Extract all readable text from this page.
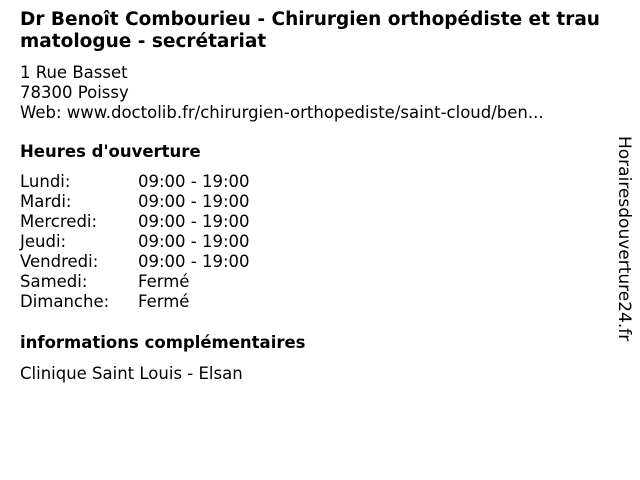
Dr Benoît Combourieu - Chirurgien orthopédiste et traumatologue - secrétariat
1 Rue Basset
78300 Poissy
Web: www.doctolib.fr/chirurgien-orthopediste/saint-cloud/ben...
Heures d'ouverture
Lundi:	09:00 - 19:00
Mardi:	09:00 - 19:00
Mercredi:	09:00 - 19:00
Jeudi:	09:00 - 19:00
Vendredi:	09:00 - 19:00
Samedi:	Fermé
Dimanche:	Fermé
informations complémentaires
Clinique Saint Louis - Elsan
Horairesdouverture24.fr
